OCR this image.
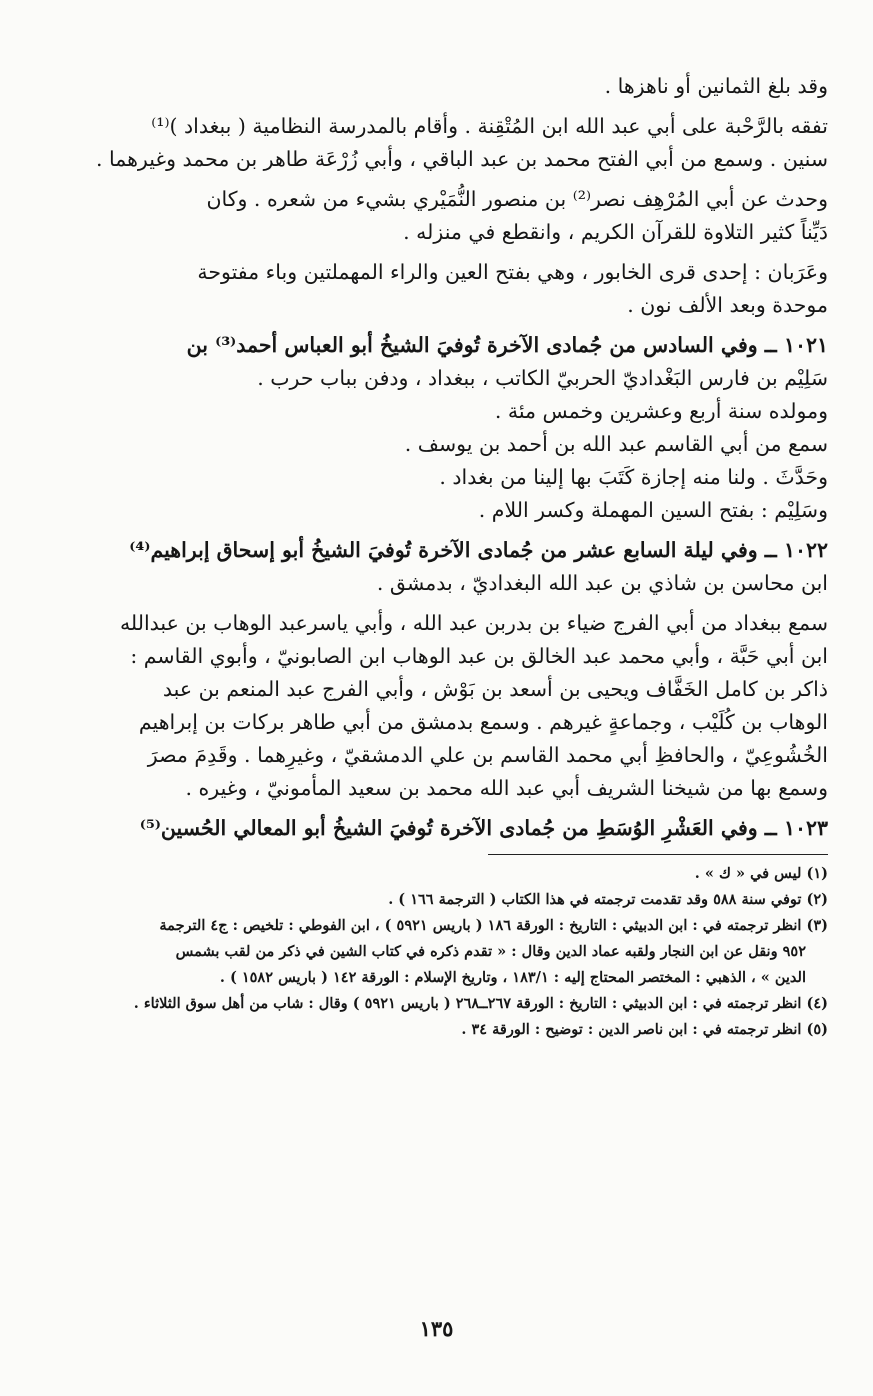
وقد بلغ الثمانين أو ناهزها .
تفقه بالرَّحْبة على أبي عبد الله ابن المُتْقِنة . وأقام بالمدرسة النظامية ( ببغداد )⁽¹⁾
سنين . وسمع من أبي الفتح محمد بن عبد الباقي ، وأبي زُرْعَة طاهر بن محمد وغيرهما .
وحدث عن أبي المُرْهِف نصر⁽²⁾ بن منصور النُّمَيْري بشيء من شعره . وكان
دَيِّناً كثير التلاوة للقرآن الكريم ، وانقطع في منزله .
وعَرَبان : إحدى قرى الخابور ، وهي بفتح العين والراء المهملتين وباء مفتوحة
موحدة وبعد الألف نون .
١٠٢١ ــ وفي السادس من جُمادى الآخرة تُوفيَ الشيخُ أبو العباس أحمد⁽³⁾ بن
سَلِيْم بن فارس البَغْداديّ الحربيّ الكاتب ، ببغداد ، ودفن بباب حرب .
ومولده سنة أربع وعشرين وخمس مئة .
سمع من أبي القاسم عبد الله بن أحمد بن يوسف .
وحَدَّثَ . ولنا منه إجازة كَتَبَ بها إلينا من بغداد .
وسَلِيْم : بفتح السين المهملة وكسر اللام .
١٠٢٢ ــ وفي ليلة السابع عشر من جُمادى الآخرة تُوفيَ الشيخُ أبو إسحاق إبراهيم⁽⁴⁾
ابن محاسن بن شاذي بن عبد الله البغداديّ ، بدمشق .
سمع ببغداد من أبي الفرج ضياء بن بدربن عبد الله ، وأبي ياسرعبد الوهاب بن عبدالله
ابن أبي حَبَّة ، وأبي محمد عبد الخالق بن عبد الوهاب ابن الصابونيّ ، وأبوي القاسم :
ذاكر بن كامل الخَفَّاف ويحيى بن أسعد بن بَوْش ، وأبي الفرج عبد المنعم بن عبد
الوهاب بن كُلَيْب ، وجماعةٍ غيرهم . وسمع بدمشق من أبي طاهر بركات بن إبراهيم
الخُشُوعِيّ ، والحافظِ أبي محمد القاسم بن علي الدمشقيّ ، وغيرِهما . وقَدِمَ مصرَ
وسمع بها من شيخنا الشريف أبي عبد الله محمد بن سعيد المأمونيّ ، وغيره .
١٠٢٣ ــ وفي العَشْرِ الوُسَطِ من جُمادى الآخرة تُوفيَ الشيخُ أبو المعالي الحُسين⁽⁵⁾
(١) ليس في « ك » .
(٢) توفي سنة ٥٨٨ وقد تقدمت ترجمته في هذا الكتاب ( الترجمة ١٦٦ ) .
(٣) انظر ترجمته في : ابن الدبيثي : التاريخ : الورقة ١٨٦ ( باريس ٥٩٢١ ) ، ابن الفوطي : تلخيص : ج٤ الترجمة
٩٥٢ ونقل عن ابن النجار ولقبه عماد الدين وقال : « تقدم ذكره في كتاب الشين في ذكر من لقب بشمس
الدين » ، الذهبي : المختصر المحتاج إليه : ١٨٣/١ ، وتاريخ الإسلام : الورقة ١٤٢ ( باريس ١٥٨٢ ) .
(٤) انظر ترجمته في : ابن الدبيثي : التاريخ : الورقة ٢٦٧ــ٢٦٨ ( باريس ٥٩٢١ ) وقال : شاب من أهل سوق الثلاثاء .
(٥) انظر ترجمته في : ابن ناصر الدين : توضيح : الورقة ٣٤ .
١٣٥
